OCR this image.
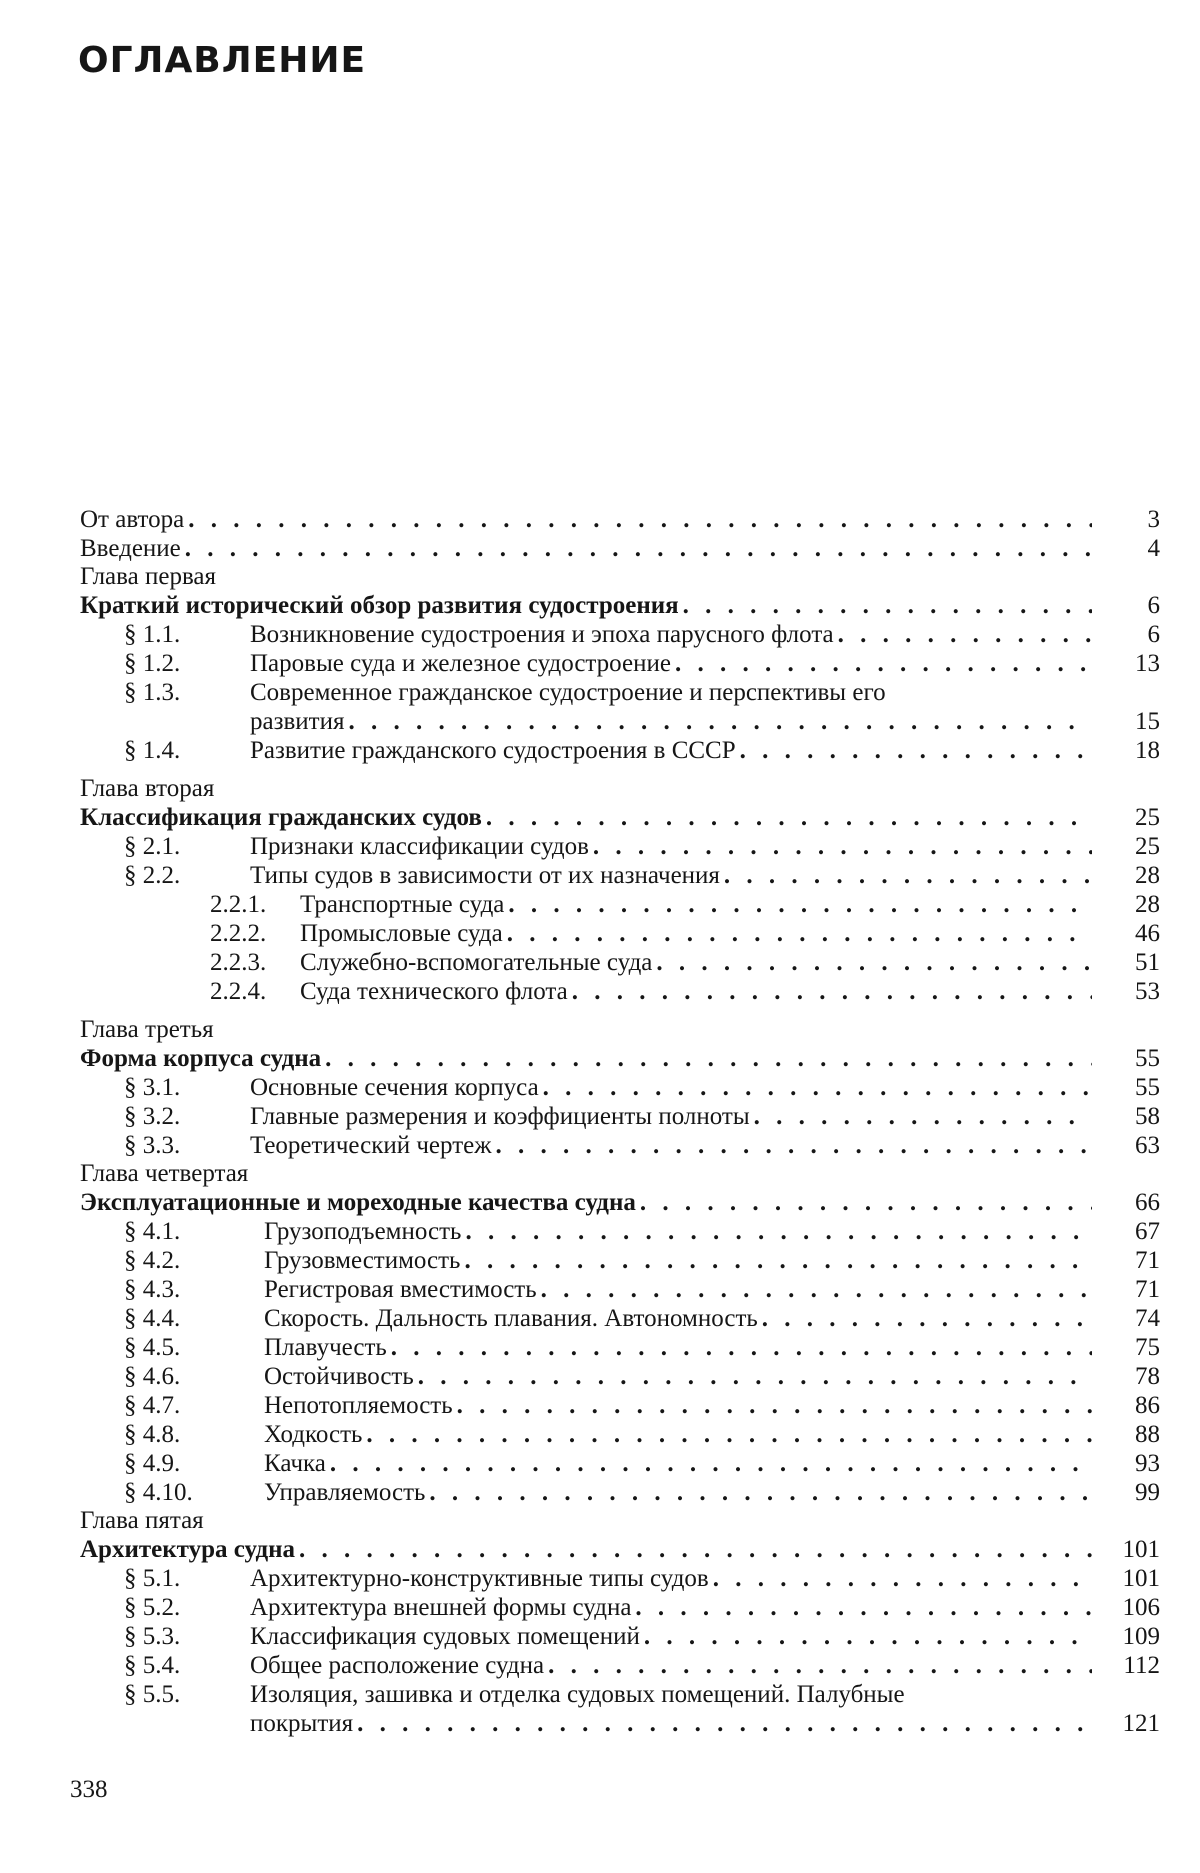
ОГЛАВЛЕНИЕ
От автора . . .	3
Введение . . .	4
Глава первая
Краткий исторический обзор развития судостроения . . .	6
§ 1.1.	Возникновение судостроения и эпоха парусного флота . . .	6
§ 1.2.	Паровые суда и железное судостроение . . .	13
§ 1.3.	Современное гражданское судостроение и перспективы его
развития . . .	15
§ 1.4.	Развитие гражданского судостроения в СССР . . .	18
Глава вторая
Классификация гражданских судов . . .	25
§ 2.1.	Признаки классификации судов . . .	25
§ 2.2.	Типы судов в зависимости от их назначения . . .	28
2.2.1.	Транспортные суда . . .	28
2.2.2.	Промысловые суда . . .	46
2.2.3.	Служебно-вспомогательные суда . . .	51
2.2.4.	Суда технического флота . . .	53
Глава третья
Форма корпуса судна . . .	55
§ 3.1.	Основные сечения корпуса . . .	55
§ 3.2.	Главные размерения и коэффициенты полноты . . .	58
§ 3.3.	Теоретический чертеж . . .	63
Глава четвертая
Эксплуатационные и мореходные качества судна . . .	66
§ 4.1.	Грузоподъемность . . .	67
§ 4.2.	Грузовместимость . . .	71
§ 4.3.	Регистровая вместимость . . .	71
§ 4.4.	Скорость. Дальность плавания. Автономность . . .	74
§ 4.5.	Плавучесть . . .	75
§ 4.6.	Остойчивость . . .	78
§ 4.7.	Непотопляемость . . .	86
§ 4.8.	Ходкость . . .	88
§ 4.9.	Качка . . .	93
§ 4.10.	Управляемость . . .	99
Глава пятая
Архитектура судна . . .	101
§ 5.1.	Архитектурно-конструктивные типы судов . . .	101
§ 5.2.	Архитектура внешней формы судна . . .	106
§ 5.3.	Классификация судовых помещений . . .	109
§ 5.4.	Общее расположение судна . . .	112
§ 5.5.	Изоляция, зашивка и отделка судовых помещений. Палубные
покрытия . . .	121
338
